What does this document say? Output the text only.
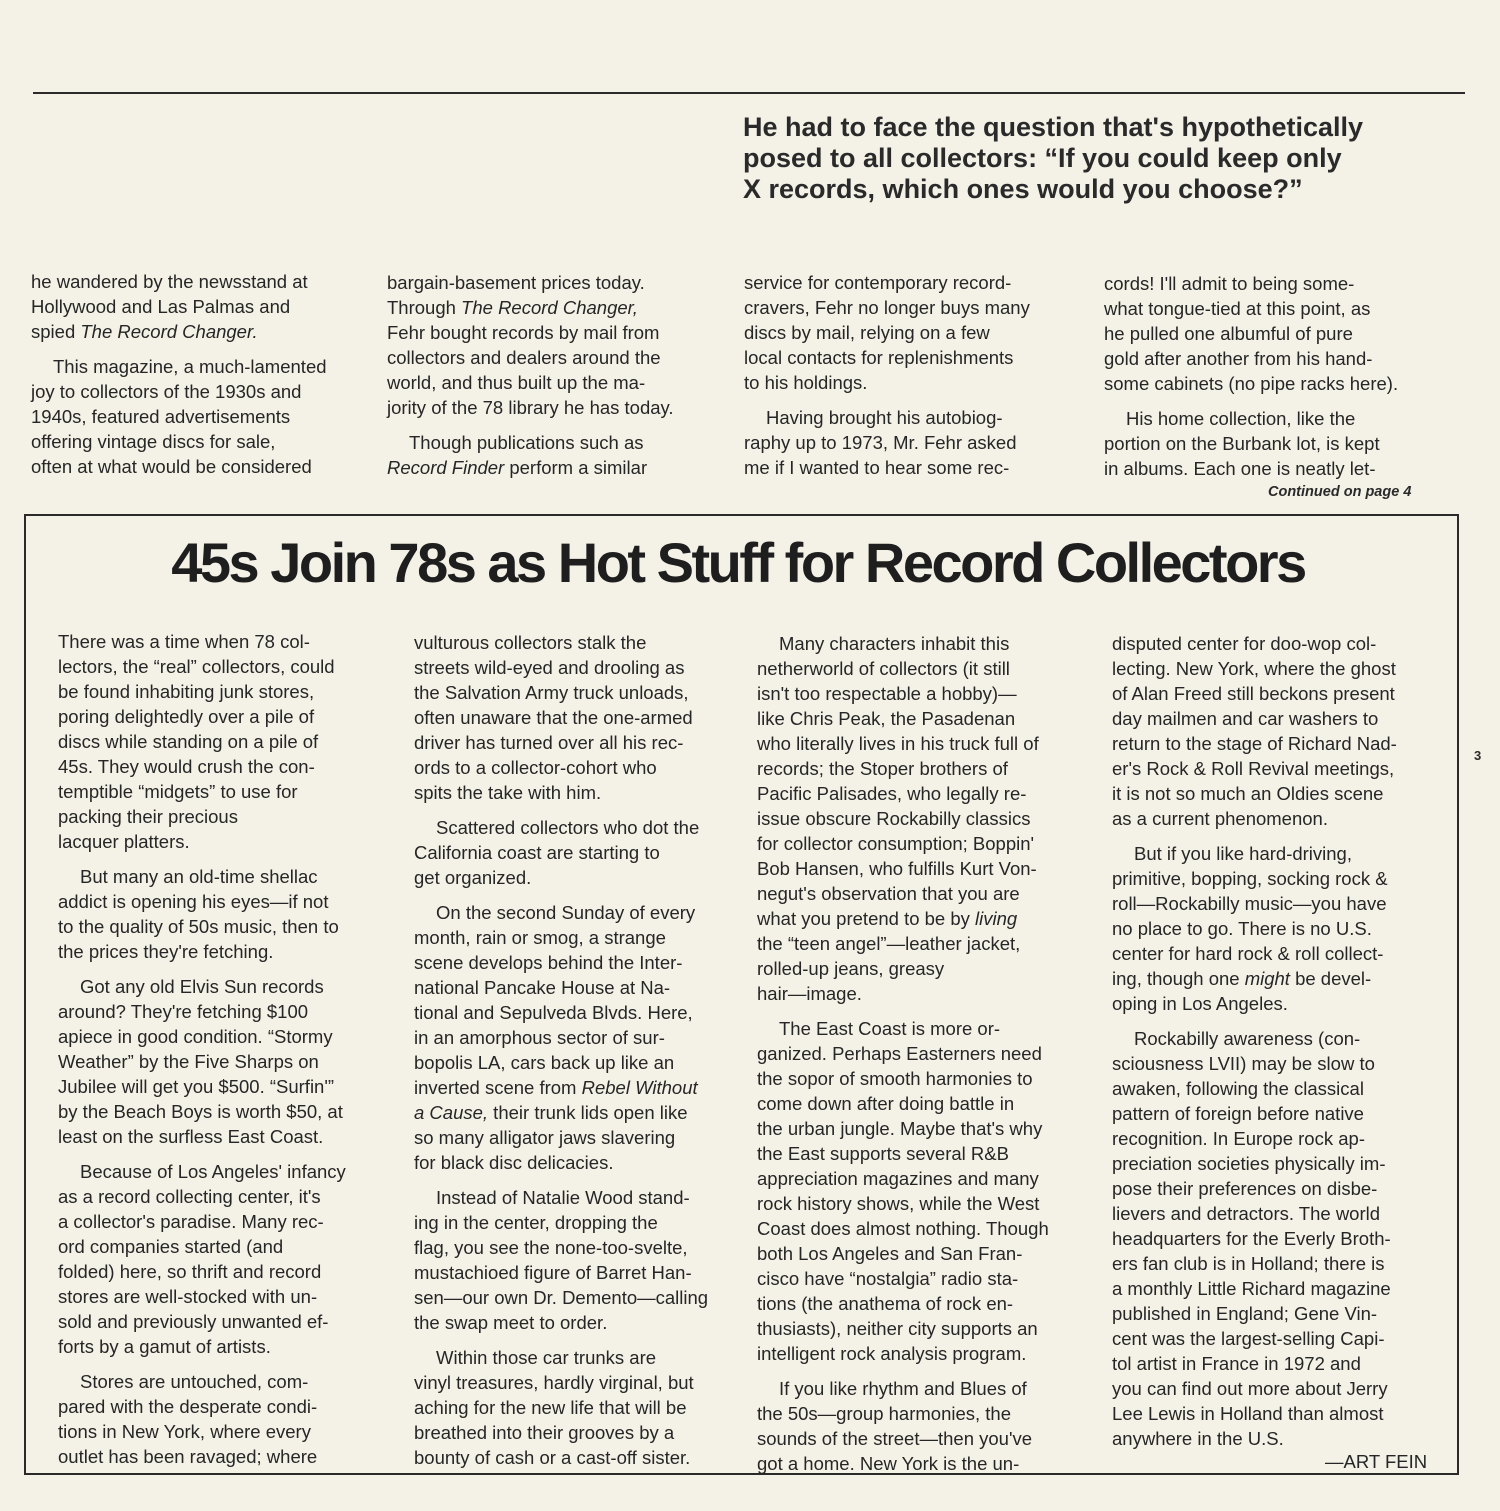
He had to face the question that's hypothetically
posed to all collectors: “If you could keep only
X records, which ones would you choose?”

he wandered by the newsstand at
Hollywood and Las Palmas and
spied The Record Changer.

This magazine, a much-lamented
joy to collectors of the 1930s and
1940s, featured advertisements
offering vintage discs for sale,
often at what would be considered

bargain-basement prices today.
Through The Record Changer,
Fehr bought records by mail from
collectors and dealers around the
world, and thus built up the ma-
jority of the 78 library he has today.

Though publications such as
Record Finder perform a similar

service for contemporary record-
cravers, Fehr no longer buys many
discs by mail, relying on a few
local contacts for replenishments
to his holdings.

Having brought his autobiog-
raphy up to 1973, Mr. Fehr asked
me if I wanted to hear some rec-

cords! I'll admit to being some-
what tongue-tied at this point, as
he pulled one albumful of pure
gold after another from his hand-
some cabinets (no pipe racks here).

His home collection, like the
portion on the Burbank lot, is kept
in albums. Each one is neatly let-

Continued on page 4
45s Join 78s as Hot Stuff for Record Collectors

There was a time when 78 col-
lectors, the “real” collectors, could
be found inhabiting junk stores,
poring delightedly over a pile of
discs while standing on a pile of
45s. They would crush the con-
temptible “midgets” to use for
packing their precious
lacquer platters.

But many an old-time shellac
addict is opening his eyes—if not
to the quality of 50s music, then to
the prices they're fetching.

Got any old Elvis Sun records
around? They're fetching $100
apiece in good condition. “Stormy
Weather” by the Five Sharps on
Jubilee will get you $500. “Surfin'”
by the Beach Boys is worth $50, at
least on the surfless East Coast.

Because of Los Angeles' infancy
as a record collecting center, it's
a collector's paradise. Many rec-
ord companies started (and
folded) here, so thrift and record
stores are well-stocked with un-
sold and previously unwanted ef-
forts by a gamut of artists.

Stores are untouched, com-
pared with the desperate condi-
tions in New York, where every
outlet has been ravaged; where

vulturous collectors stalk the
streets wild-eyed and drooling as
the Salvation Army truck unloads,
often unaware that the one-armed
driver has turned over all his rec-
ords to a collector-cohort who
spits the take with him.

Scattered collectors who dot the
California coast are starting to
get organized.

On the second Sunday of every
month, rain or smog, a strange
scene develops behind the Inter-
national Pancake House at Na-
tional and Sepulveda Blvds. Here,
in an amorphous sector of sur-
bopolis LA, cars back up like an
inverted scene from Rebel Without
a Cause, their trunk lids open like
so many alligator jaws slavering
for black disc delicacies.

Instead of Natalie Wood stand-
ing in the center, dropping the
flag, you see the none-too-svelte,
mustachioed figure of Barret Han-
sen—our own Dr. Demento—calling
the swap meet to order.

Within those car trunks are
vinyl treasures, hardly virginal, but
aching for the new life that will be
breathed into their grooves by a
bounty of cash or a cast-off sister.

Many characters inhabit this
netherworld of collectors (it still
isn't too respectable a hobby)—
like Chris Peak, the Pasadenan
who literally lives in his truck full of
records; the Stoper brothers of
Pacific Palisades, who legally re-
issue obscure Rockabilly classics
for collector consumption; Boppin'
Bob Hansen, who fulfills Kurt Von-
negut's observation that you are
what you pretend to be by living
the “teen angel”—leather jacket,
rolled-up jeans, greasy
hair—image.

The East Coast is more or-
ganized. Perhaps Easterners need
the sopor of smooth harmonies to
come down after doing battle in
the urban jungle. Maybe that's why
the East supports several R&B
appreciation magazines and many
rock history shows, while the West
Coast does almost nothing. Though
both Los Angeles and San Fran-
cisco have “nostalgia” radio sta-
tions (the anathema of rock en-
thusiasts), neither city supports an
intelligent rock analysis program.

If you like rhythm and Blues of
the 50s—group harmonies, the
sounds of the street—then you've
got a home. New York is the un-

disputed center for doo-wop col-
lecting. New York, where the ghost
of Alan Freed still beckons present
day mailmen and car washers to
return to the stage of Richard Nad-
er's Rock & Roll Revival meetings,
it is not so much an Oldies scene
as a current phenomenon.

But if you like hard-driving,
primitive, bopping, socking rock &
roll—Rockabilly music—you have
no place to go. There is no U.S.
center for hard rock & roll collect-
ing, though one might be devel-
oping in Los Angeles.

Rockabilly awareness (con-
sciousness LVII) may be slow to
awaken, following the classical
pattern of foreign before native
recognition. In Europe rock ap-
preciation societies physically im-
pose their preferences on disbe-
lievers and detractors. The world
headquarters for the Everly Broth-
ers fan club is in Holland; there is
a monthly Little Richard magazine
published in England; Gene Vin-
cent was the largest-selling Capi-
tol artist in France in 1972 and
you can find out more about Jerry
Lee Lewis in Holland than almost
anywhere in the U.S.

—ART FEIN
3
